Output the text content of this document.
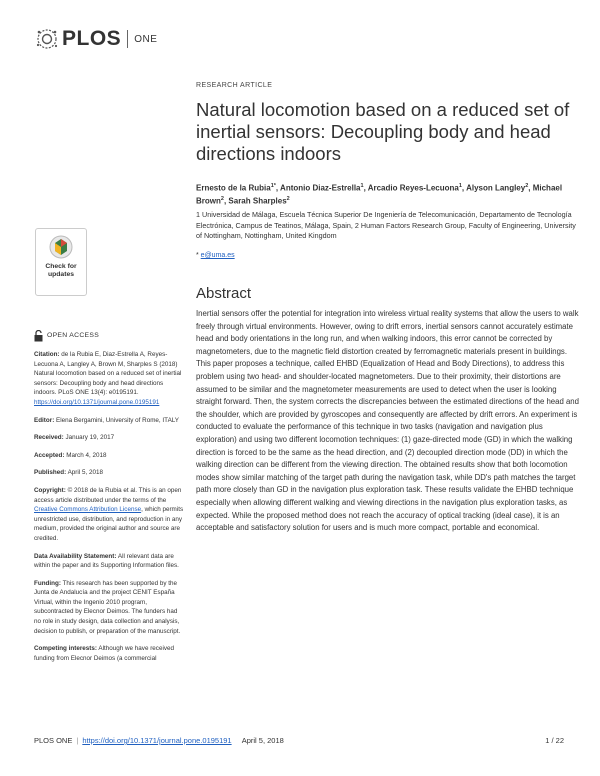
PLOS ONE
RESEARCH ARTICLE
Natural locomotion based on a reduced set of inertial sensors: Decoupling body and head directions indoors
Ernesto de la Rubia$^{1*}$, Antonio Diaz-Estrella$^1$, Arcadio Reyes-Lecuona$^1$, Alyson Langley$^2$, Michael Brown$^2$, Sarah Sharples$^2$
1 Universidad de Málaga, Escuela Técnica Superior De Ingeniería de Telecomunicación, Departamento de Tecnología Electrónica, Campus de Teatinos, Málaga, Spain, 2 Human Factors Research Group, Faculty of Engineering, University of Nottingham, Nottingham, United Kingdom
* e@uma.es
Check for updates
Abstract

Inertial sensors offer the potential for integration into wireless virtual reality systems that allow the users to walk freely through virtual environments. However, owing to drift errors, inertial sensors cannot accurately estimate head and body orientations in the long run, and when walking indoors, this error cannot be corrected by magnetometers, due to the magnetic field distortion created by ferromagnetic materials present in buildings. This paper proposes a technique, called EHBD (Equalization of Head and Body Directions), to address this problem using two head- and shoulder-located magnetometers. Due to their proximity, their distortions are assumed to be similar and the magnetometer measurements are used to detect when the user is looking straight forward. Then, the system corrects the discrepancies between the estimated directions of the head and the shoulder, which are provided by gyroscopes and consequently are affected by drift errors. An experiment is conducted to evaluate the performance of this technique in two tasks (navigation and navigation plus exploration) and using two different locomotion techniques: (1) gaze-directed mode (GD) in which the walking direction is forced to be the same as the head direction, and (2) decoupled direction mode (DD) in which the walking direction can be different from the viewing direction. The obtained results show that both locomotion modes show similar matching of the target path during the navigation task, while DD's path matches the target path more closely than GD in the navigation plus exploration task. These results validate the EHBD technique especially when allowing different walking and viewing directions in the navigation plus exploration tasks, as expected. While the proposed method does not reach the accuracy of optical tracking (ideal case), it is an acceptable and satisfactory solution for users and is much more compact, portable and economical.

OPEN ACCESS
Citation: de la Rubia E, Diaz-Estrella A, Reyes-Lecuona A, Langley A, Brown M, Sharples S (2018) Natural locomotion based on a reduced set of inertial sensors: Decoupling body and head directions indoors. PLoS ONE 13(4): e0195191. https://doi.org/10.1371/journal.pone.0195191
Editor: Elena Bergamini, University of Rome, ITALY
Received: January 19, 2017
Accepted: March 4, 2018
Published: April 5, 2018
Copyright: © 2018 de la Rubia et al. This is an open access article distributed under the terms of the Creative Commons Attribution License, which permits unrestricted use, distribution, and reproduction in any medium, provided the original author and source are credited.
Data Availability Statement: All relevant data are within the paper and its Supporting Information files.
Funding: This research has been supported by the Junta de Andalucía and the project CENIT España Virtual, within the Ingenio 2010 program, subcontracted by Elecnor Deimos. The funders had no role in study design, data collection and analysis, decision to publish, or preparation of the manuscript.
Competing interests: Although we have received funding from Elecnor Deimos (a commercial
PLOS ONE | https://doi.org/10.1371/journal.pone.0195191 April 5, 2018	1 / 22
